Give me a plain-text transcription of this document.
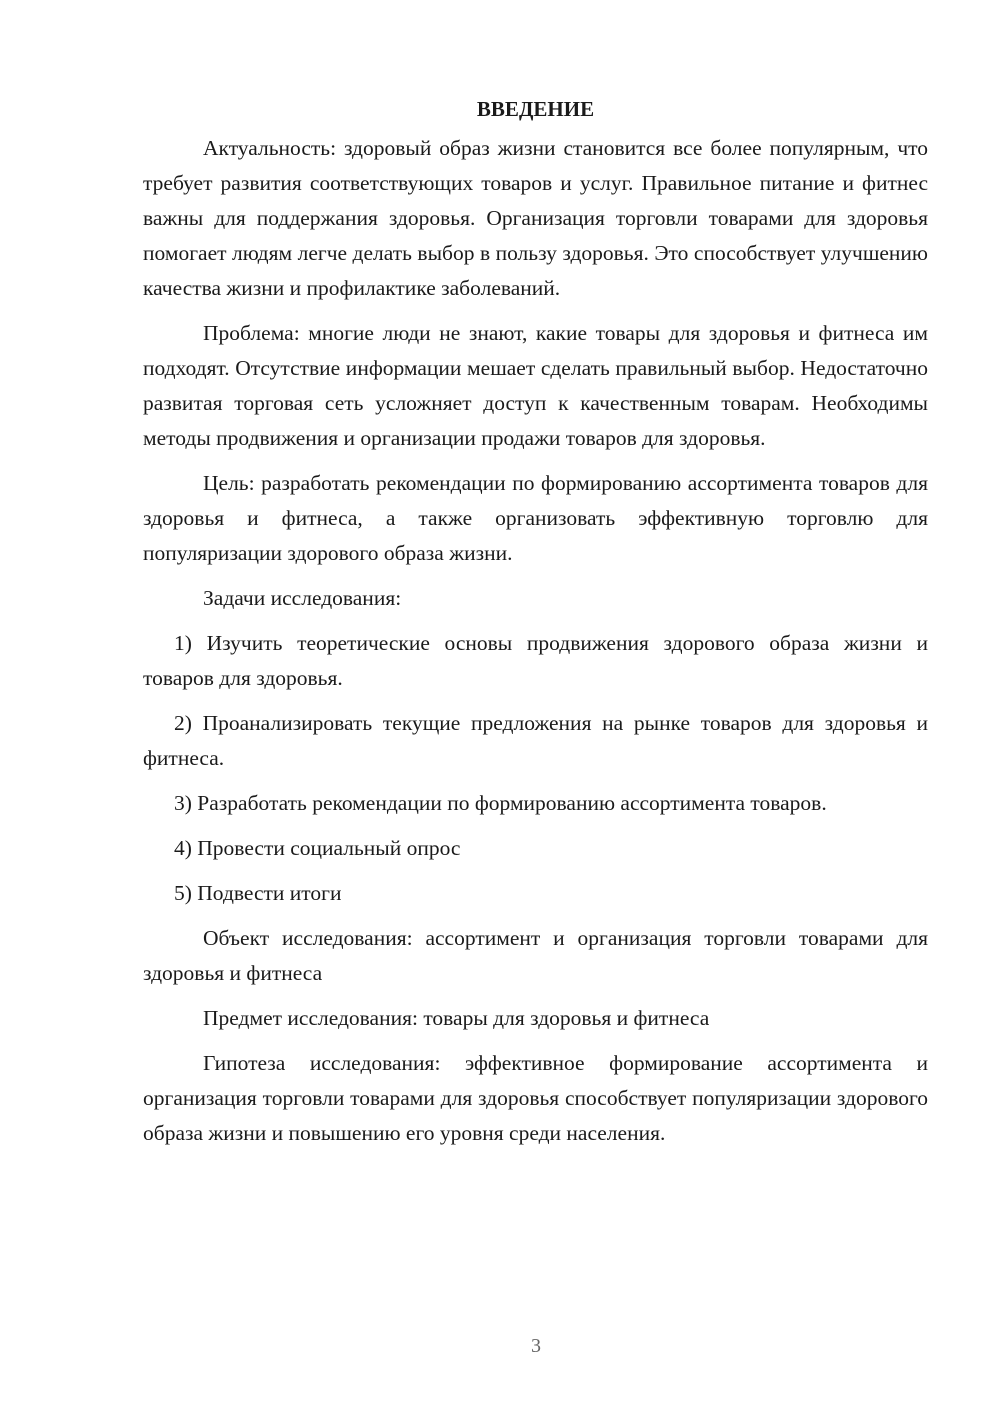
ВВЕДЕНИЕ

Актуальность: здоровый образ жизни становится все более популярным, что требует развития соответствующих товаров и услуг. Правильное питание и фитнес важны для поддержания здоровья. Организация торговли товарами для здоровья помогает людям легче делать выбор в пользу здоровья. Это способствует улучшению качества жизни и профилактике заболеваний.

Проблема: многие люди не знают, какие товары для здоровья и фитнеса им подходят. Отсутствие информации мешает сделать правильный выбор. Недостаточно развитая торговая сеть усложняет доступ к качественным товарам. Необходимы методы продвижения и организации продажи товаров для здоровья.

Цель: разработать рекомендации по формированию ассортимента товаров для здоровья и фитнеса, а также организовать эффективную торговлю для популяризации здорового образа жизни.

Задачи исследования:

1) Изучить теоретические основы продвижения здорового образа жизни и товаров для здоровья.

2) Проанализировать текущие предложения на рынке товаров для здоровья и фитнеса.

3) Разработать рекомендации по формированию ассортимента товаров.

4) Провести социальный опрос

5) Подвести итоги

Объект исследования: ассортимент и организация торговли товарами для здоровья и фитнеса

Предмет исследования: товары для здоровья и фитнеса

Гипотеза исследования: эффективное формирование ассортимента и организация торговли товарами для здоровья способствует популяризации здорового образа жизни и повышению его уровня среди населения.

3
